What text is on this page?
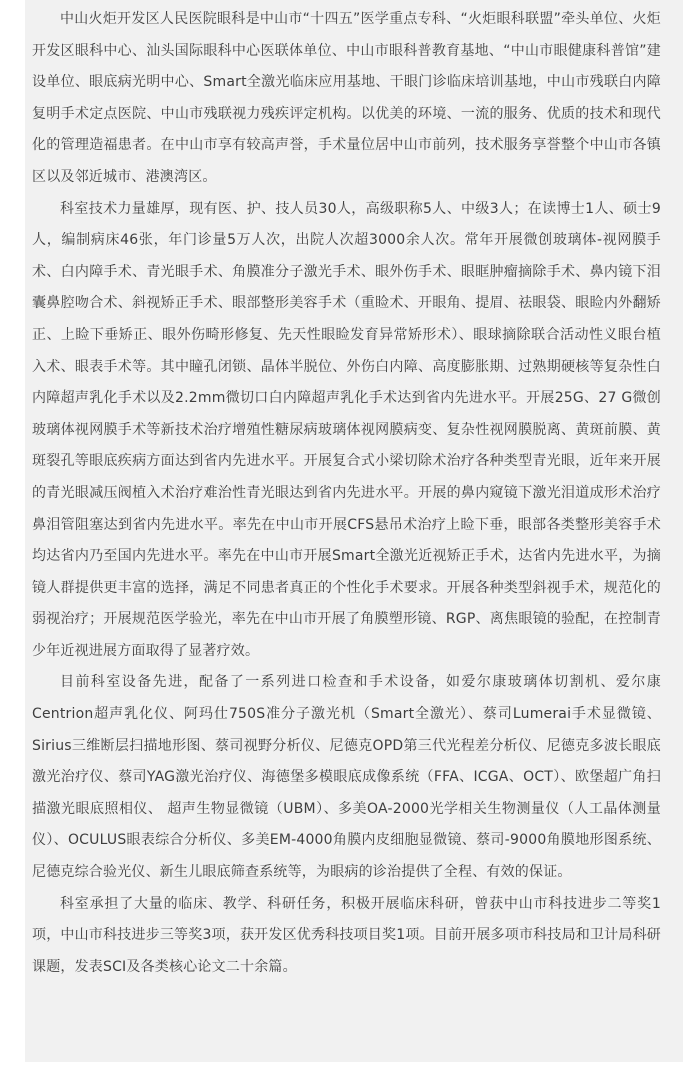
中山火炬开发区人民医院眼科是中山市“十四五”医学重点专科、“火炬眼科联盟”牵头单位、火炬开发区眼科中心、汕头国际眼科中心医联体单位、中山市眼科普教育基地、“中山市眼健康科普馆”建设单位、眼底病光明中心、Smart全激光临床应用基地、干眼门诊临床培训基地，中山市残联白内障复明手术定点医院、中山市残联视力残疾评定机构。以优美的环境、一流的服务、优质的技术和现代化的管理造福患者。在中山市享有较高声誉，手术量位居中山市前列，技术服务享誉整个中山市各镇区以及邻近城市、港澳湾区。

科室技术力量雄厚，现有医、护、技人员30人，高级职称5人、中级3人；在读博士1人、硕士9人，编制病床46张，年门诊量5万人次，出院人次超3000余人次。常年开展微创玻璃体-视网膜手术、白内障手术、青光眼手术、角膜准分子激光手术、眼外伤手术、眼眶肿瘤摘除手术、鼻内镜下泪囊鼻腔吻合术、斜视矫正手术、眼部整形美容手术（重睑术、开眼角、提眉、祛眼袋、眼睑内外翻矫正、上睑下垂矫正、眼外伤畸形修复、先天性眼睑发育异常矫形术）、眼球摘除联合活动性义眼台植入术、眼表手术等。其中瞳孔闭锁、晶体半脱位、外伤白内障、高度膨胀期、过熟期硬核等复杂性白内障超声乳化手术以及2.2mm微切口白内障超声乳化手术达到省内先进水平。开展25G、27 G微创玻璃体视网膜手术等新技术治疗增殖性糖尿病玻璃体视网膜病变、复杂性视网膜脱离、黄斑前膜、黄斑裂孔等眼底疾病方面达到省内先进水平。开展复合式小梁切除术治疗各种类型青光眼，近年来开展的青光眼减压阀植入术治疗难治性青光眼达到省内先进水平。开展的鼻内窥镜下激光泪道成形术治疗鼻泪管阻塞达到省内先进水平。率先在中山市开展CFS悬吊术治疗上睑下垂，眼部各类整形美容手术均达省内乃至国内先进水平。率先在中山市开展Smart全激光近视矫正手术，达省内先进水平，为摘镜人群提供更丰富的选择，满足不同患者真正的个性化手术要求。开展各种类型斜视手术，规范化的弱视治疗；开展规范医学验光，率先在中山市开展了角膜塑形镜、RGP、离焦眼镜的验配，在控制青少年近视进展方面取得了显著疗效。

目前科室设备先进，配备了一系列进口检查和手术设备，如爱尔康玻璃体切割机、爱尔康Centrion超声乳化仪、阿玛仕750S准分子激光机（Smart全激光）、蔡司Lumerai手术显微镜、Sirius三维断层扫描地形图、蔡司视野分析仪、尼德克OPD第三代光程差分析仪、尼德克多波长眼底激光治疗仪、蔡司YAG激光治疗仪、海德堡多模眼底成像系统（FFA、ICGA、OCT）、欧堡超广角扫描激光眼底照相仪、 超声生物显微镜（UBM）、多美OA-2000光学相关生物测量仪（人工晶体测量仪）、OCULUS眼表综合分析仪、多美EM-4000角膜内皮细胞显微镜、蔡司-9000角膜地形图系统、尼德克综合验光仪、新生儿眼底筛查系统等，为眼病的诊治提供了全程、有效的保证。

科室承担了大量的临床、教学、科研任务，积极开展临床科研，曾获中山市科技进步二等奖1项，中山市科技进步三等奖3项，获开发区优秀科技项目奖1项。目前开展多项市科技局和卫计局科研课题，发表SCI及各类核心论文二十余篇。
